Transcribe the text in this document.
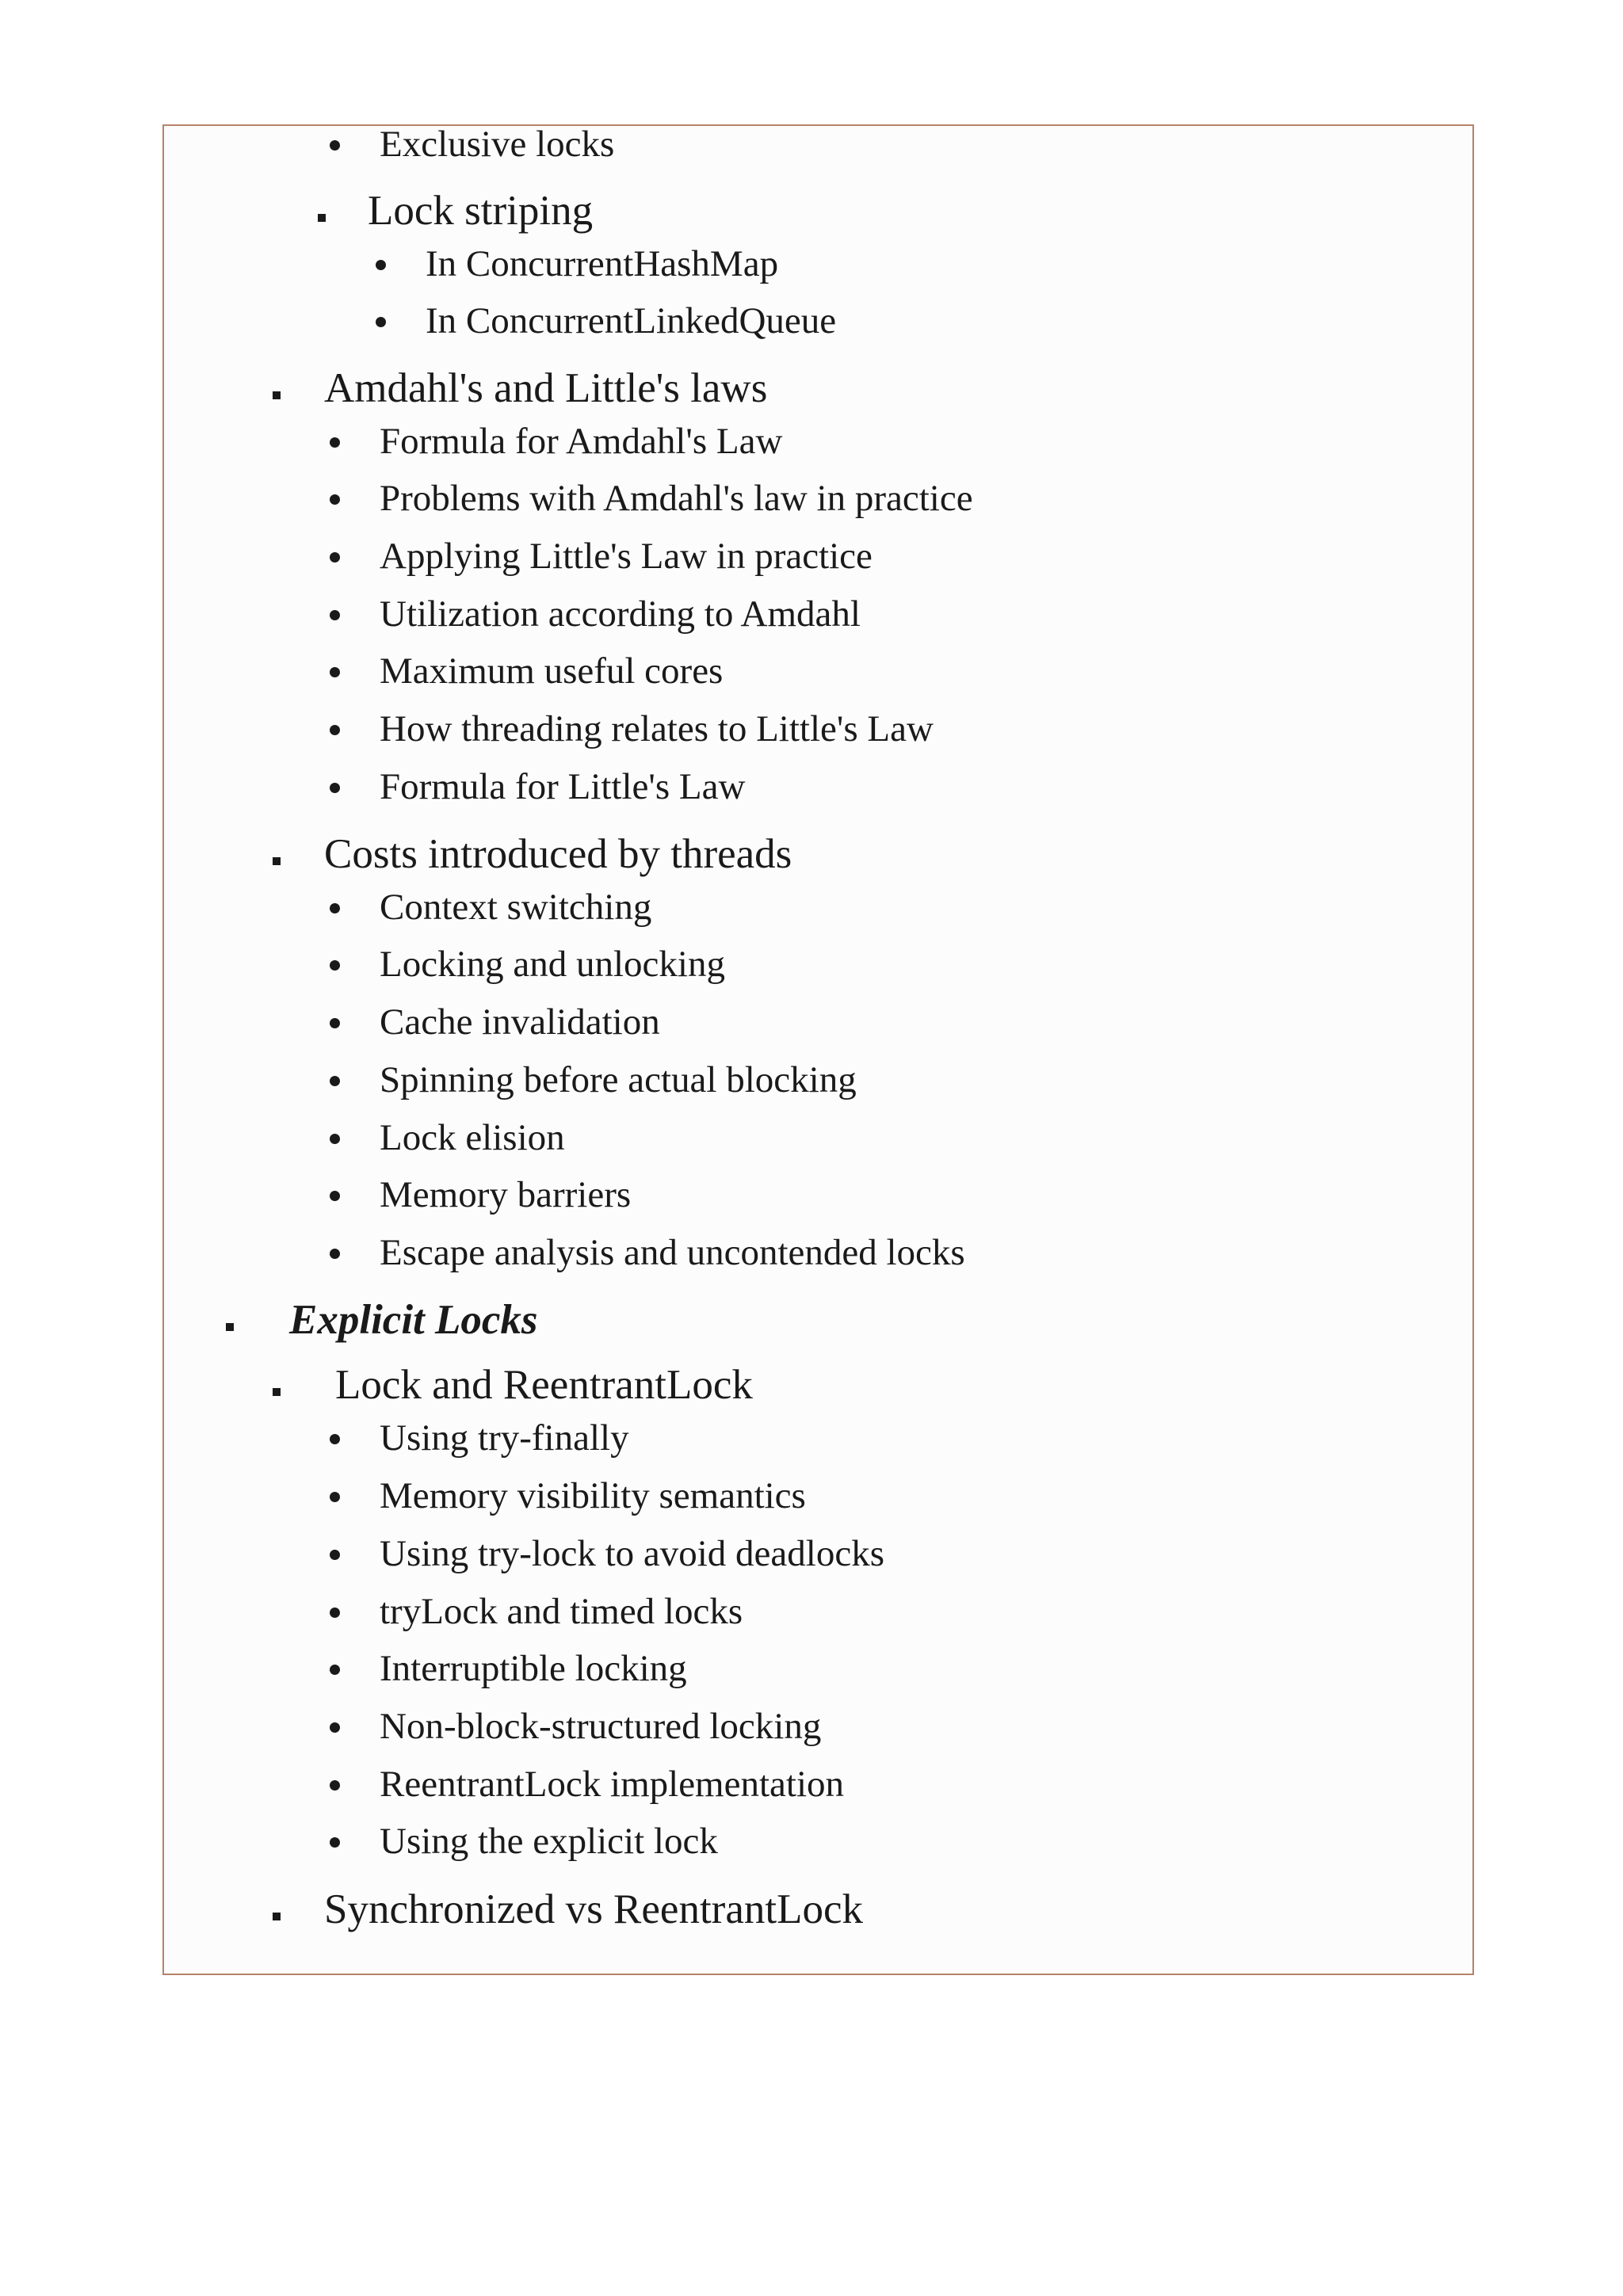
Exclusive locks
Lock striping
In ConcurrentHashMap
In ConcurrentLinkedQueue
Amdahl's and Little's laws
Formula for Amdahl's Law
Problems with Amdahl's law in practice
Applying Little's Law in practice
Utilization according to Amdahl
Maximum useful cores
How threading relates to Little's Law
Formula for Little's Law
Costs introduced by threads
Context switching
Locking and unlocking
Cache invalidation
Spinning before actual blocking
Lock elision
Memory barriers
Escape analysis and uncontended locks
Explicit Locks
Lock and ReentrantLock
Using try-finally
Memory visibility semantics
Using try-lock to avoid deadlocks
tryLock and timed locks
Interruptible locking
Non-block-structured locking
ReentrantLock implementation
Using the explicit lock
Synchronized vs ReentrantLock
